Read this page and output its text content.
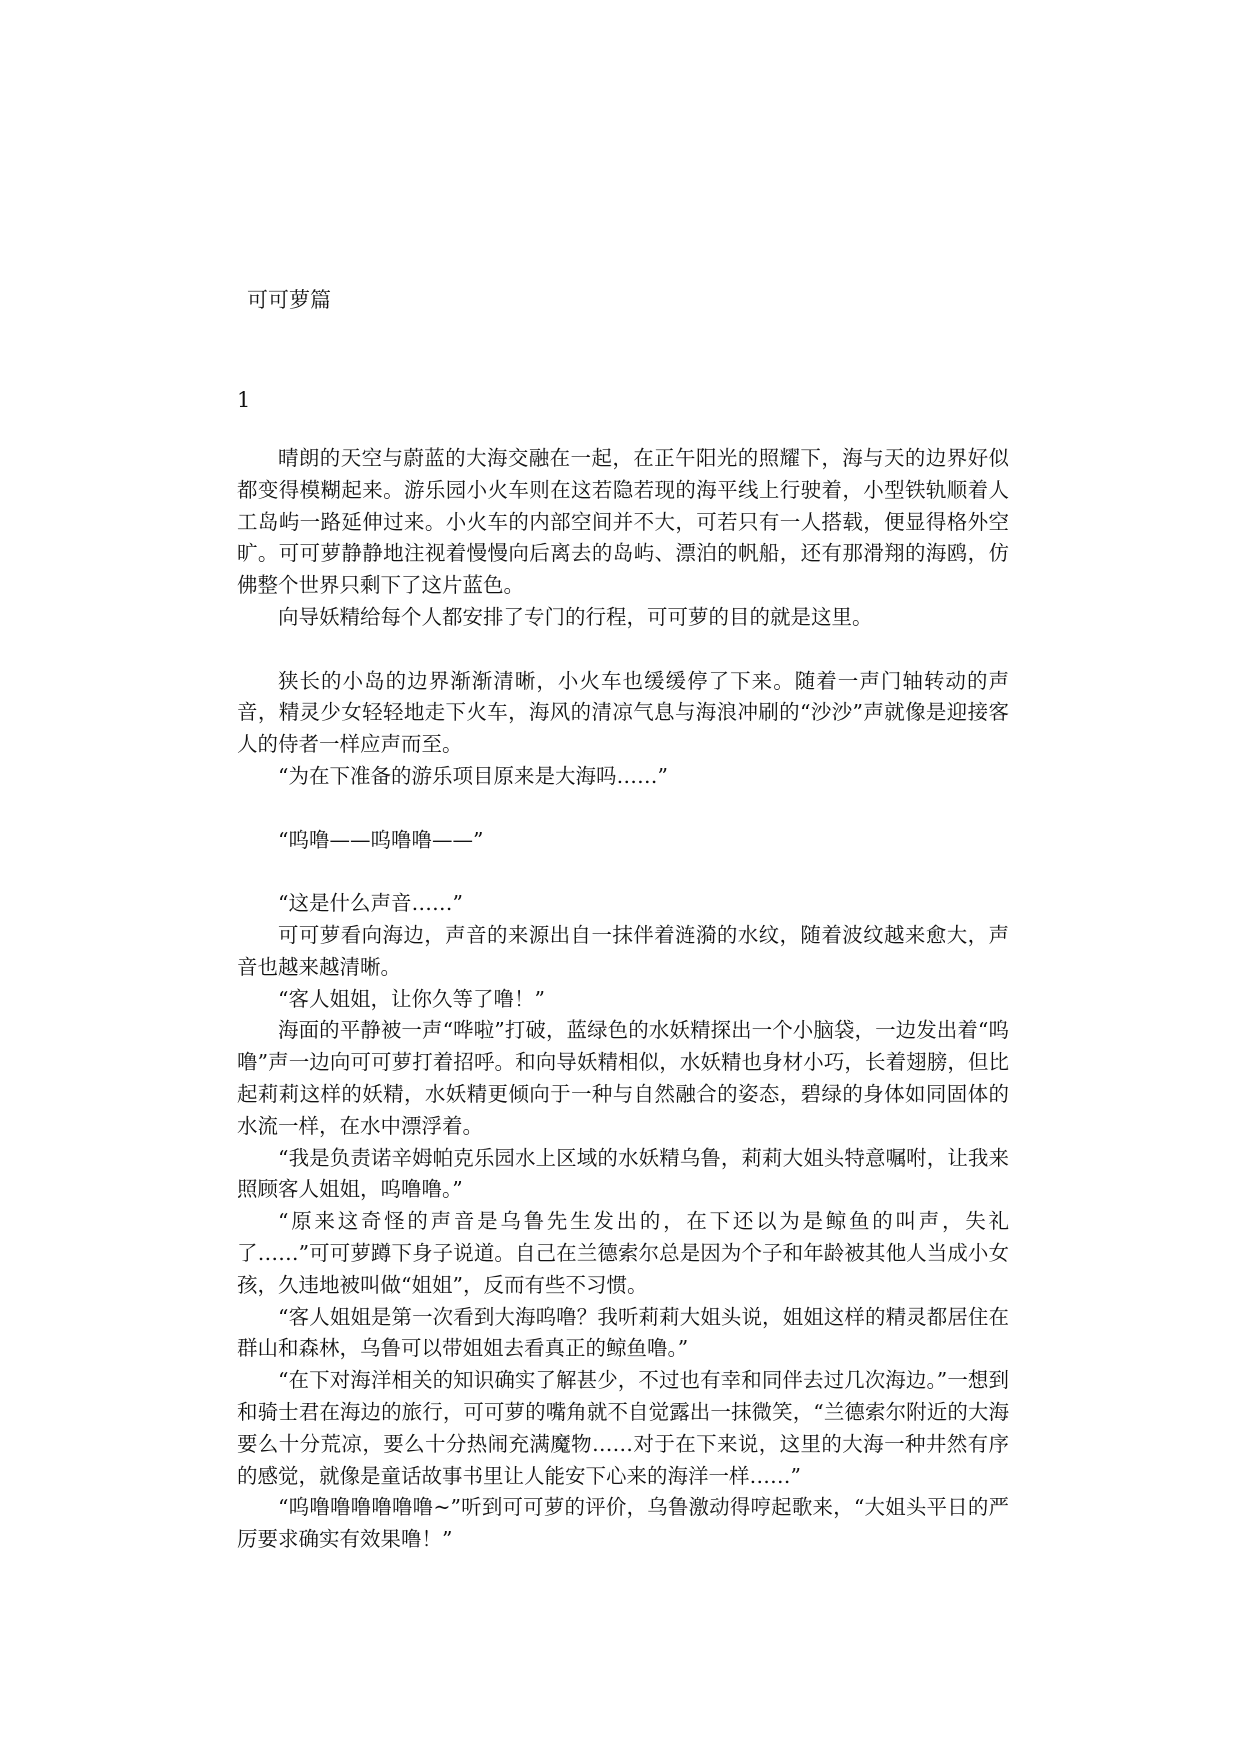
可可萝篇
1

晴朗的天空与蔚蓝的大海交融在一起，在正午阳光的照耀下，海与天的边界好似都变得模糊起来。游乐园小火车则在这若隐若现的海平线上行驶着，小型铁轨顺着人工岛屿一路延伸过来。小火车的内部空间并不大，可若只有一人搭载，便显得格外空旷。可可萝静静地注视着慢慢向后离去的岛屿、漂泊的帆船，还有那滑翔的海鸥，仿佛整个世界只剩下了这片蓝色。

向导妖精给每个人都安排了专门的行程，可可萝的目的就是这里。

狭长的小岛的边界渐渐清晰，小火车也缓缓停了下来。随着一声门轴转动的声音，精灵少女轻轻地走下火车，海风的清凉气息与海浪冲刷的“沙沙”声就像是迎接客人的侍者一样应声而至。

“为在下准备的游乐项目原来是大海吗……”

“呜噜——呜噜噜——”

“这是什么声音……”

可可萝看向海边，声音的来源出自一抹伴着涟漪的水纹，随着波纹越来愈大，声音也越来越清晰。

“客人姐姐，让你久等了噜！”

海面的平静被一声“哗啦”打破，蓝绿色的水妖精探出一个小脑袋，一边发出着“呜噜”声一边向可可萝打着招呼。和向导妖精相似，水妖精也身材小巧，长着翅膀，但比起莉莉这样的妖精，水妖精更倾向于一种与自然融合的姿态，碧绿的身体如同固体的水流一样，在水中漂浮着。

“我是负责诺辛姆帕克乐园水上区域的水妖精乌鲁，莉莉大姐头特意嘱咐，让我来照顾客人姐姐，呜噜噜。”

“原来这奇怪的声音是乌鲁先生发出的，在下还以为是鲸鱼的叫声，失礼了……”可可萝蹲下身子说道。自己在兰德索尔总是因为个子和年龄被其他人当成小女孩，久违地被叫做“姐姐”，反而有些不习惯。

“客人姐姐是第一次看到大海呜噜？我听莉莉大姐头说，姐姐这样的精灵都居住在群山和森林，乌鲁可以带姐姐去看真正的鲸鱼噜。”

“在下对海洋相关的知识确实了解甚少，不过也有幸和同伴去过几次海边。”一想到和骑士君在海边的旅行，可可萝的嘴角就不自觉露出一抹微笑，“兰德索尔附近的大海要么十分荒凉，要么十分热闹充满魔物……对于在下来说，这里的大海一种井然有序的感觉，就像是童话故事书里让人能安下心来的海洋一样……”

“呜噜噜噜噜噜噜~”听到可可萝的评价，乌鲁激动得哼起歌来，“大姐头平日的严厉要求确实有效果噜！”
